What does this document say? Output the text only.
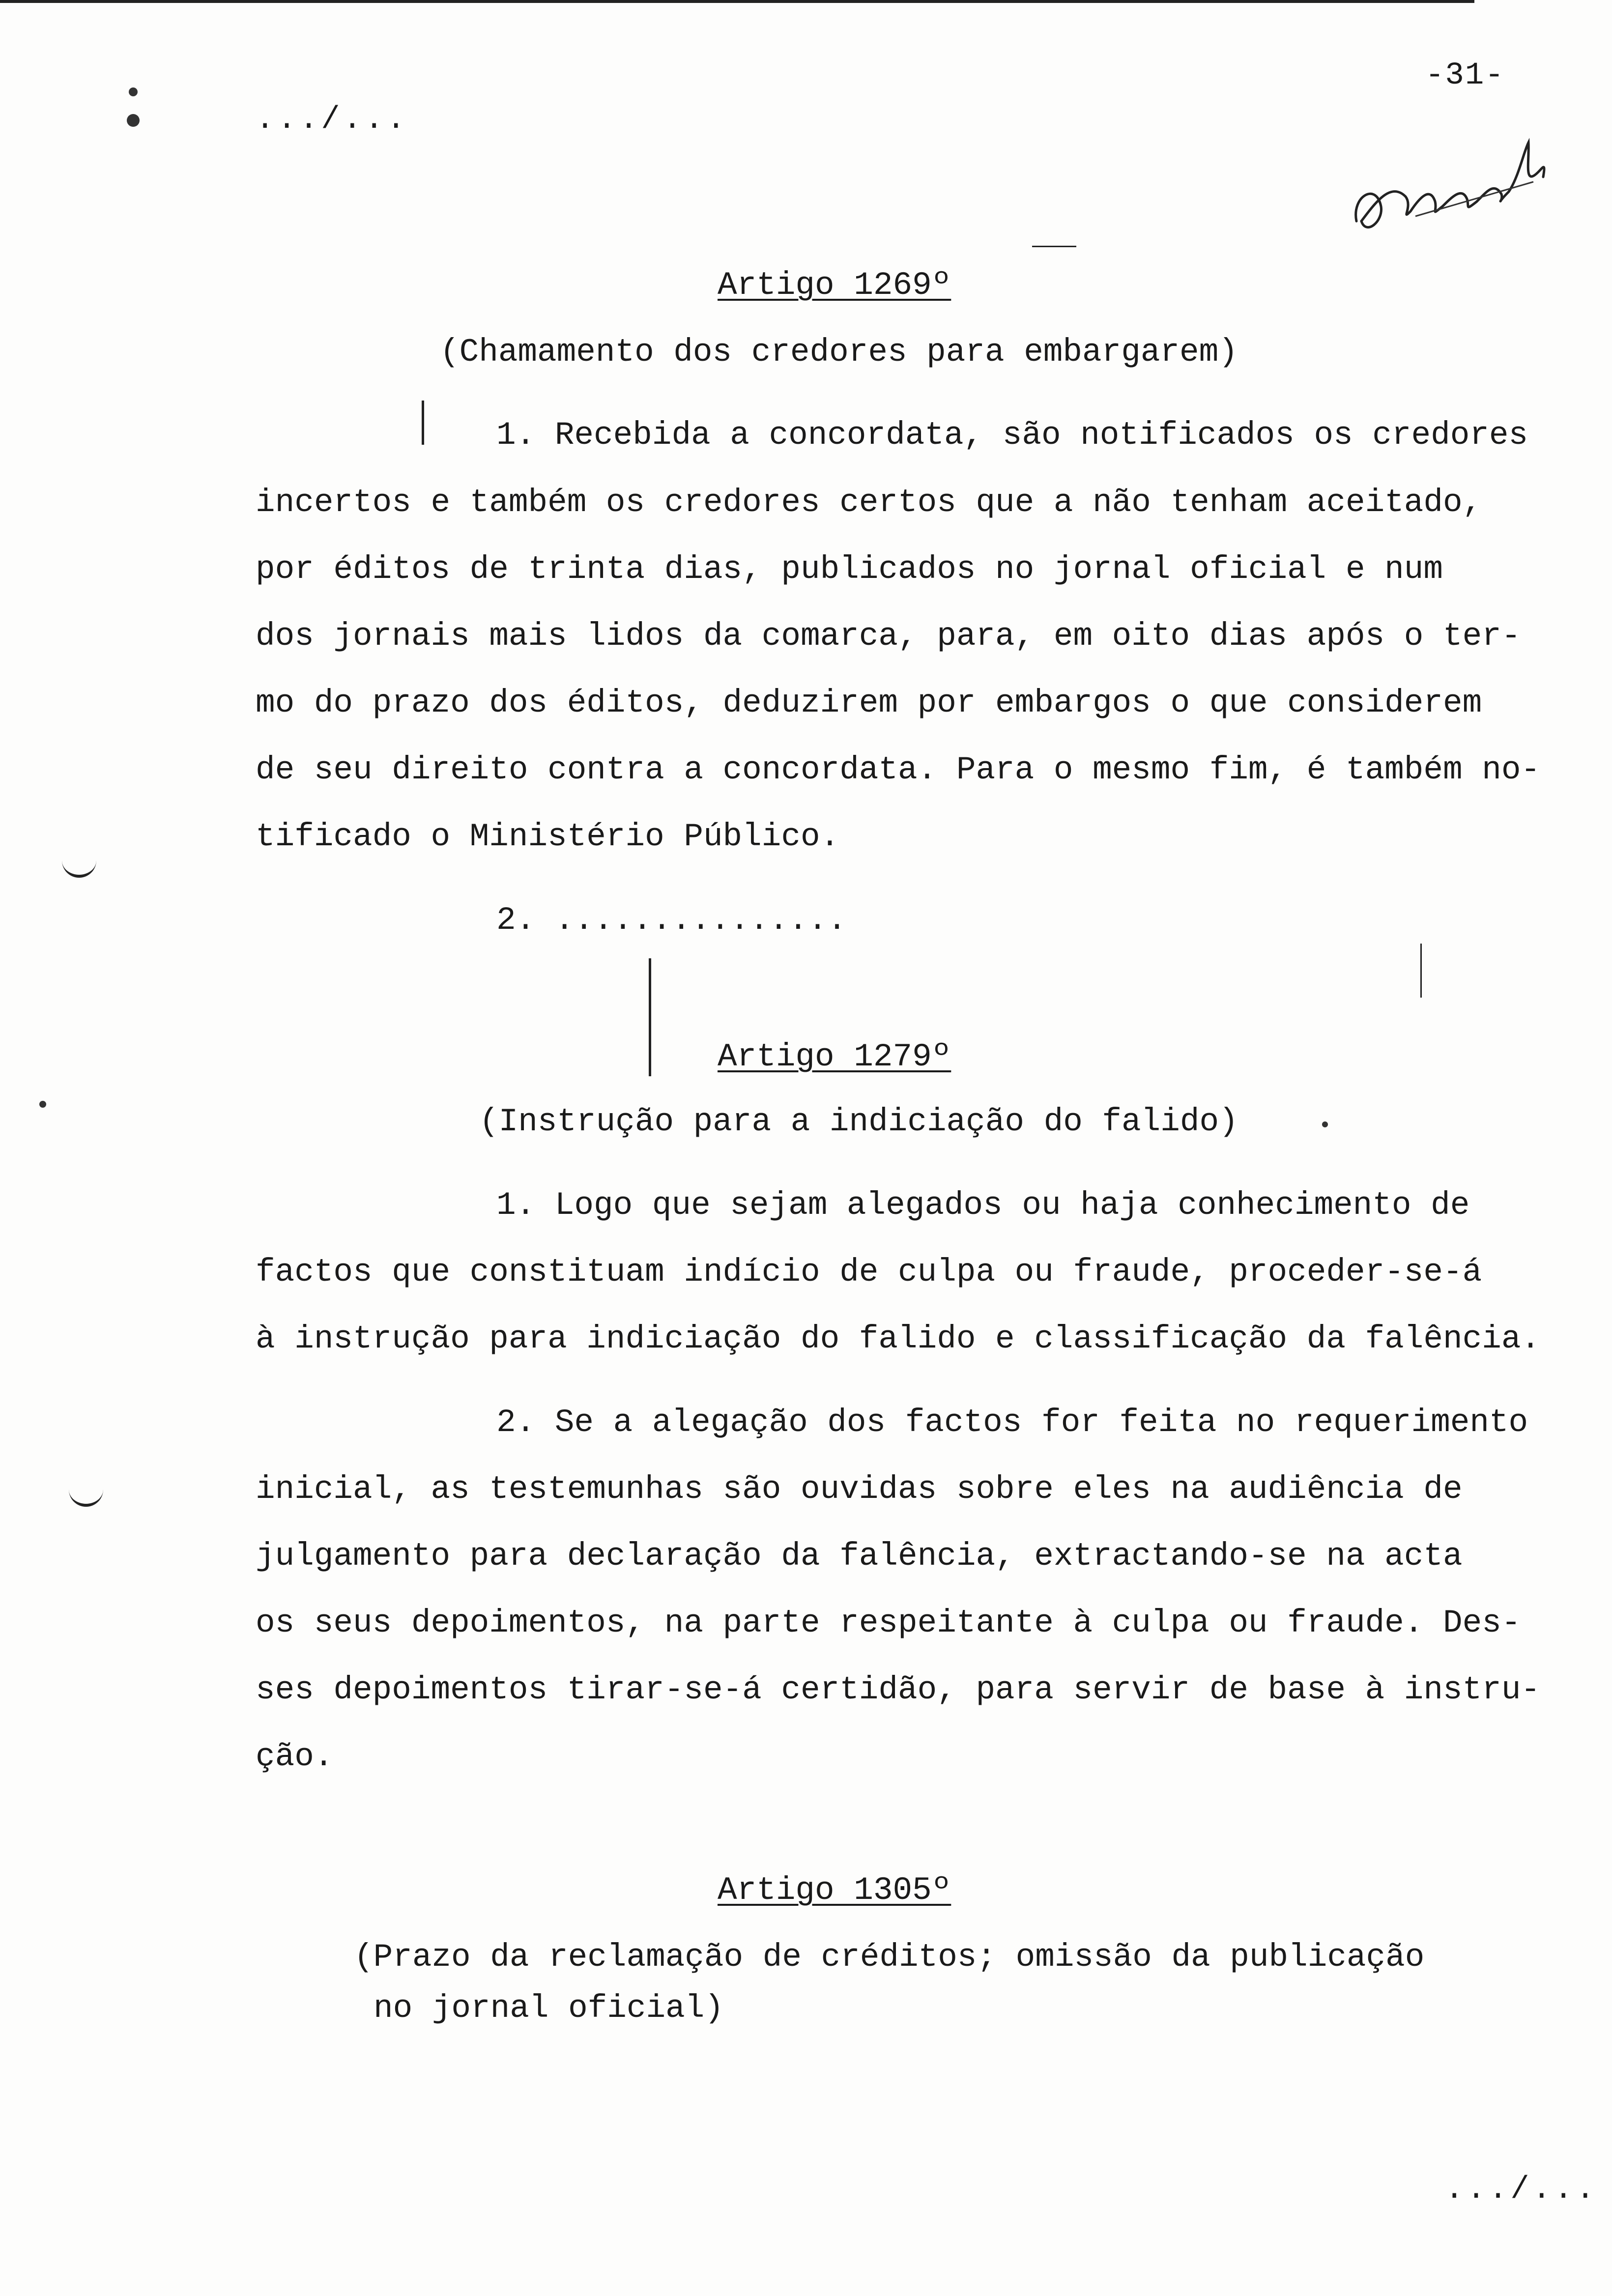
-31-
.../...
Artigo 1269º
(Chamamento dos credores para embargarem)
1. Recebida a concordata, são notificados os credores
incertos e também os credores certos que a não tenham aceitado,
por éditos de trinta dias, publicados no jornal oficial e num
dos jornais mais lidos da comarca, para, em oito dias após o ter-
mo do prazo dos éditos, deduzirem por embargos o que considerem
de seu direito contra a concordata. Para o mesmo fim, é também no-
tificado o Ministério Público.
2. ...............
Artigo 1279º
(Instrução para a indiciação do falido)
1. Logo que sejam alegados ou haja conhecimento de
factos que constituam indício de culpa ou fraude, proceder-se-á
à instrução para indiciação do falido e classificação da falência.
2. Se a alegação dos factos for feita no requerimento
inicial, as testemunhas são ouvidas sobre eles na audiência de
julgamento para declaração da falência, extractando-se na acta
os seus depoimentos, na parte respeitante à culpa ou fraude. Des-
ses depoimentos tirar-se-á certidão, para servir de base à instru-
ção.
Artigo 1305º
(Prazo da reclamação de créditos; omissão da publicação
no jornal oficial)
.../...
